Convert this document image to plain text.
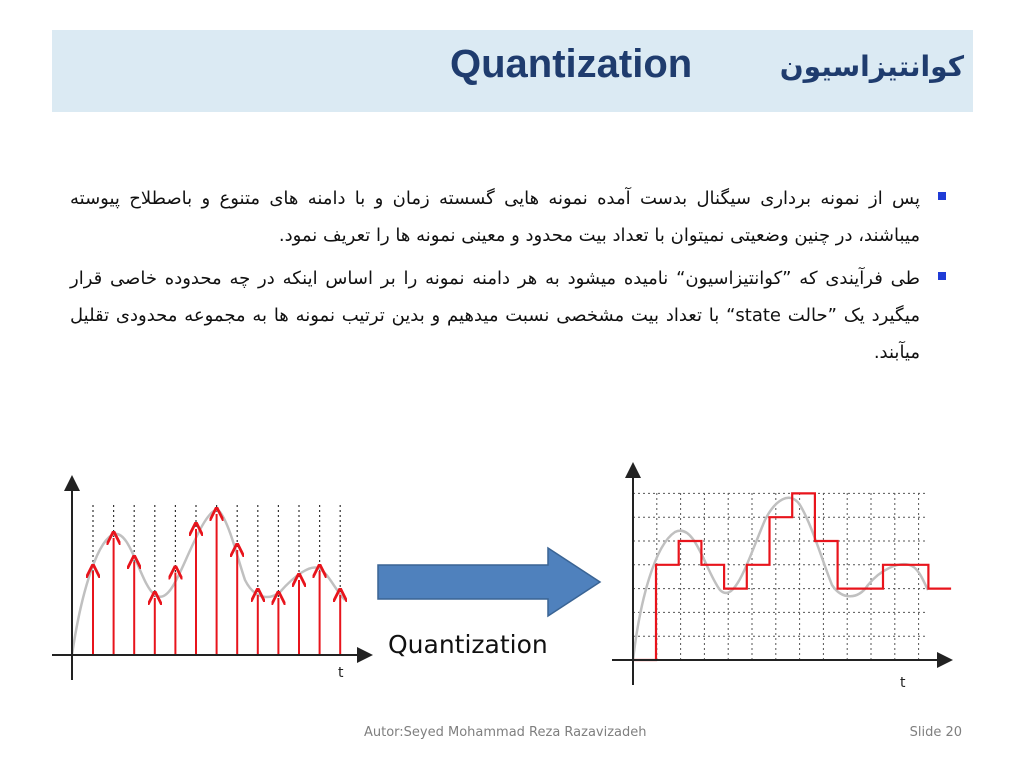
Quantization	کوانتیزاسیون
پس از نمونه برداری سیگنال بدست آمده نمونه هایی گسسته زمان و با دامنه های متنوع و باصطلاح پیوسته میباشند، در چنین وضعیتی نمیتوان با تعداد بیت محدود و معینی نمونه ها را تعریف نمود.
طی فرآیندی که ”کوانتیزاسیون“ نامیده میشود به هر دامنه نمونه را بر اساس اینکه در چه محدوده خاصی قرار میگیرد یک ”حالت state“ با تعداد بیت مشخصی نسبت میدهیم و بدین ترتیب نمونه ها به مجموعه محدودی تقلیل میآبند.
t
t
Quantization
Autor:Seyed Mohammad Reza Razavizadeh	Slide 20
